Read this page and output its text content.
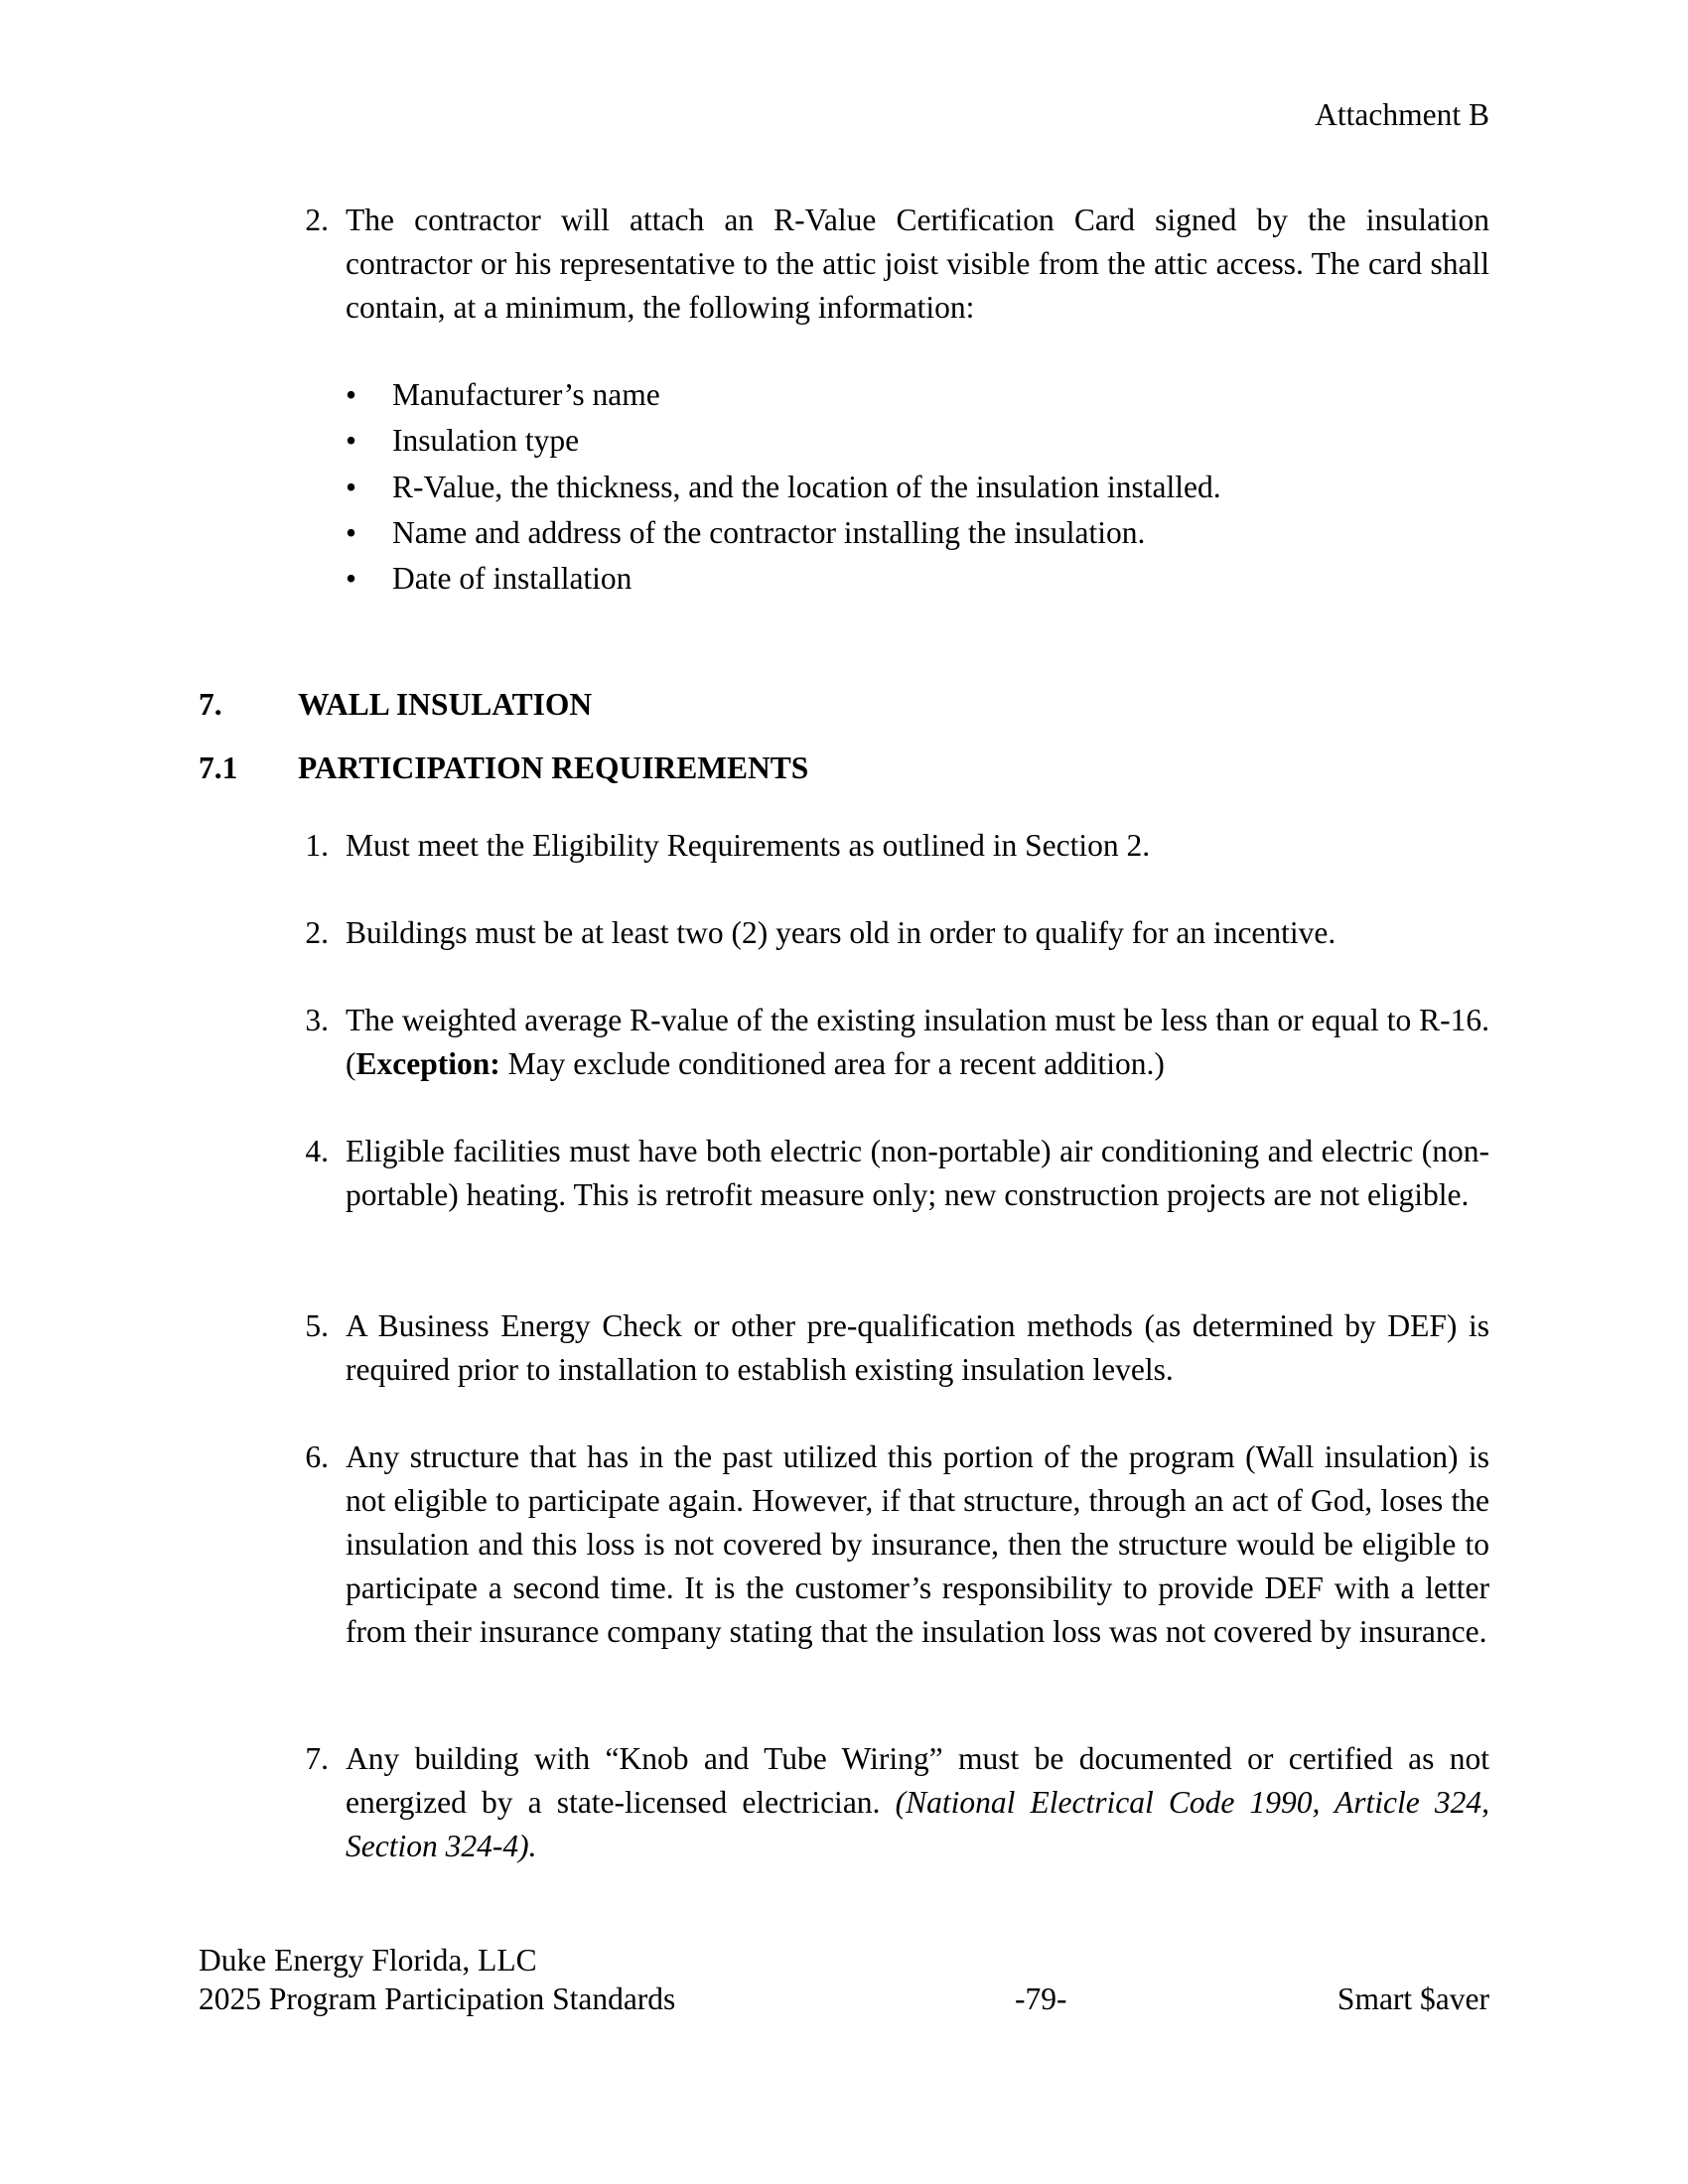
Attachment B
2. The contractor will attach an R-Value Certification Card signed by the insulation contractor or his representative to the attic joist visible from the attic access. The card shall contain, at a minimum, the following information:
• Manufacturer’s name
• Insulation type
• R-Value, the thickness, and the location of the insulation installed.
• Name and address of the contractor installing the insulation.
• Date of installation
7. WALL INSULATION
7.1 PARTICIPATION REQUIREMENTS
1. Must meet the Eligibility Requirements as outlined in Section 2.
2. Buildings must be at least two (2) years old in order to qualify for an incentive.
3. The weighted average R-value of the existing insulation must be less than or equal to R-16. (Exception: May exclude conditioned area for a recent addition.)
4. Eligible facilities must have both electric (non-portable) air conditioning and electric (non-portable) heating. This is retrofit measure only; new construction projects are not eligible.
5. A Business Energy Check or other pre-qualification methods (as determined by DEF) is required prior to installation to establish existing insulation levels.
6. Any structure that has in the past utilized this portion of the program (Wall insulation) is not eligible to participate again. However, if that structure, through an act of God, loses the insulation and this loss is not covered by insurance, then the structure would be eligible to participate a second time. It is the customer’s responsibility to provide DEF with a letter from their insurance company stating that the insulation loss was not covered by insurance.
7. Any building with “Knob and Tube Wiring” must be documented or certified as not energized by a state-licensed electrician. (National Electrical Code 1990, Article 324, Section 324-4).
Duke Energy Florida, LLC
2025 Program Participation Standards	-79-	Smart $aver
